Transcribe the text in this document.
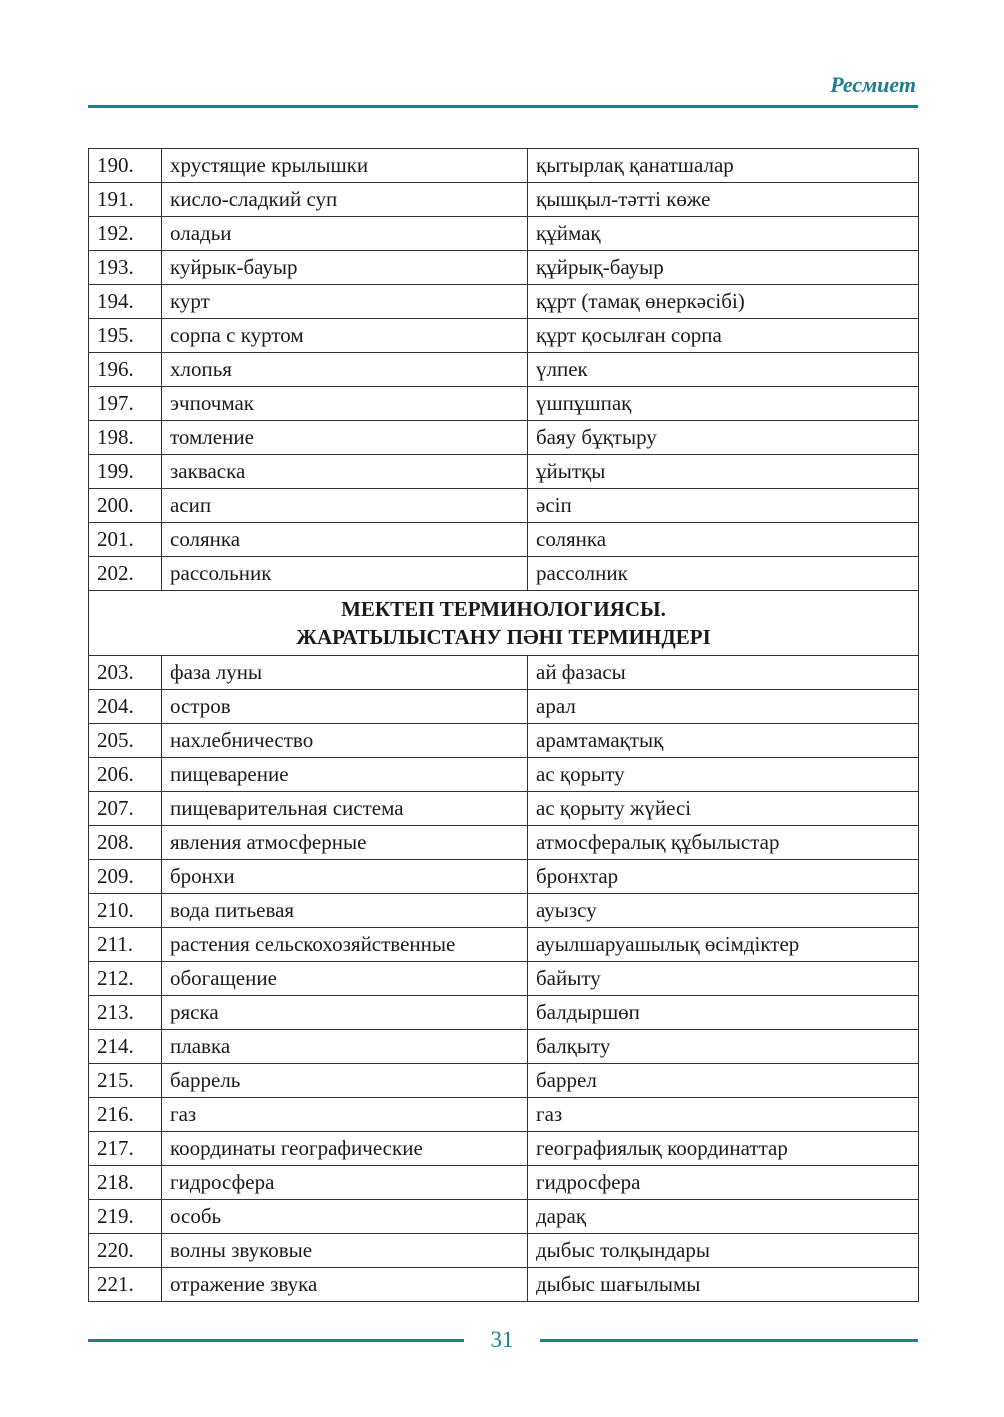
Ресмиет
190.	хрустящие крылышки	қытырлақ қанатшалар
191.	кисло-сладкий суп	қышқыл-тәтті көже
192.	оладьи	құймақ
193.	куйрык-бауыр	құйрық-бауыр
194.	курт	құрт (тамақ өнеркәсібі)
195.	сорпа с куртом	құрт қосылған сорпа
196.	хлопья	үлпек
197.	эчпочмак	үшпұшпақ
198.	томление	баяу бұқтыру
199.	закваска	ұйытқы
200.	асип	әсіп
201.	солянка	солянка
202.	рассольник	рассолник

МЕКТЕП ТЕРМИНОЛОГИЯСЫ.
ЖАРАТЫЛЫСТАНУ ПӘНІ ТЕРМИНДЕРІ		

203.	фаза луны	ай фазасы
204.	остров	арал
205.	нахлебничество	арамтамақтық
206.	пищеварение	ас қорыту
207.	пищеварительная система	ас қорыту жүйесі
208.	явления атмосферные	атмосфералық құбылыстар
209.	бронхи	бронхтар
210.	вода питьевая	ауызсу
211.	растения сельскохозяйственные	ауылшаруашылық өсімдіктер
212.	обогащение	байыту
213.	ряска	балдыршөп
214.	плавка	балқыту
215.	баррель	баррел
216.	газ	газ
217.	координаты географические	географиялық координаттар
218.	гидросфера	гидросфера
219.	особь	дарақ
220.	волны звуковые	дыбыс толқындары
221.	отражение звука	дыбыс шағылымы
31
